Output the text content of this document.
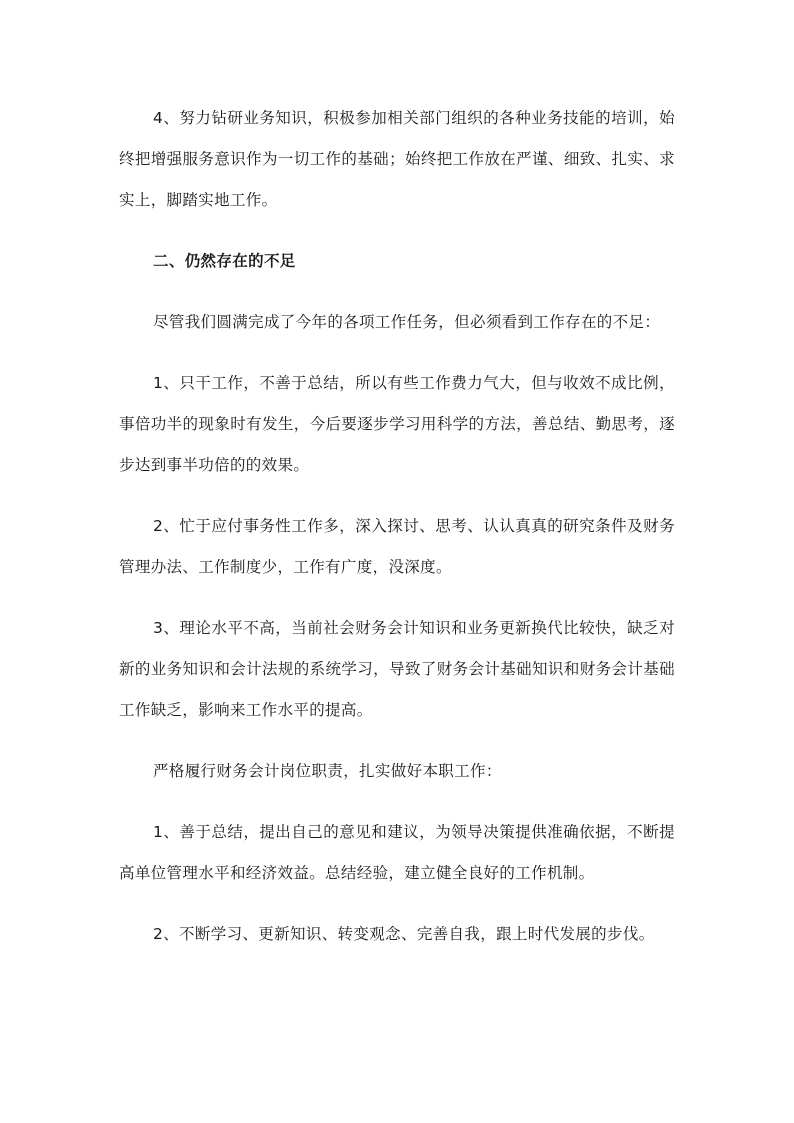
4、努力钻研业务知识，积极参加相关部门组织的各种业务技能的培训，始终把增强服务意识作为一切工作的基础；始终把工作放在严谨、细致、扎实、求实上，脚踏实地工作。

二、仍然存在的不足

尽管我们圆满完成了今年的各项工作任务，但必须看到工作存在的不足：

1、只干工作，不善于总结，所以有些工作费力气大，但与收效不成比例，事倍功半的现象时有发生，今后要逐步学习用科学的方法，善总结、勤思考，逐步达到事半功倍的的效果。

2、忙于应付事务性工作多，深入探讨、思考、认认真真的研究条件及财务管理办法、工作制度少，工作有广度，没深度。

3、理论水平不高，当前社会财务会计知识和业务更新换代比较快，缺乏对新的业务知识和会计法规的系统学习，导致了财务会计基础知识和财务会计基础工作缺乏，影响来工作水平的提高。

严格履行财务会计岗位职责，扎实做好本职工作：

1、善于总结，提出自己的意见和建议，为领导决策提供准确依据，不断提高单位管理水平和经济效益。总结经验，建立健全良好的工作机制。

2、不断学习、更新知识、转变观念、完善自我，跟上时代发展的步伐。
